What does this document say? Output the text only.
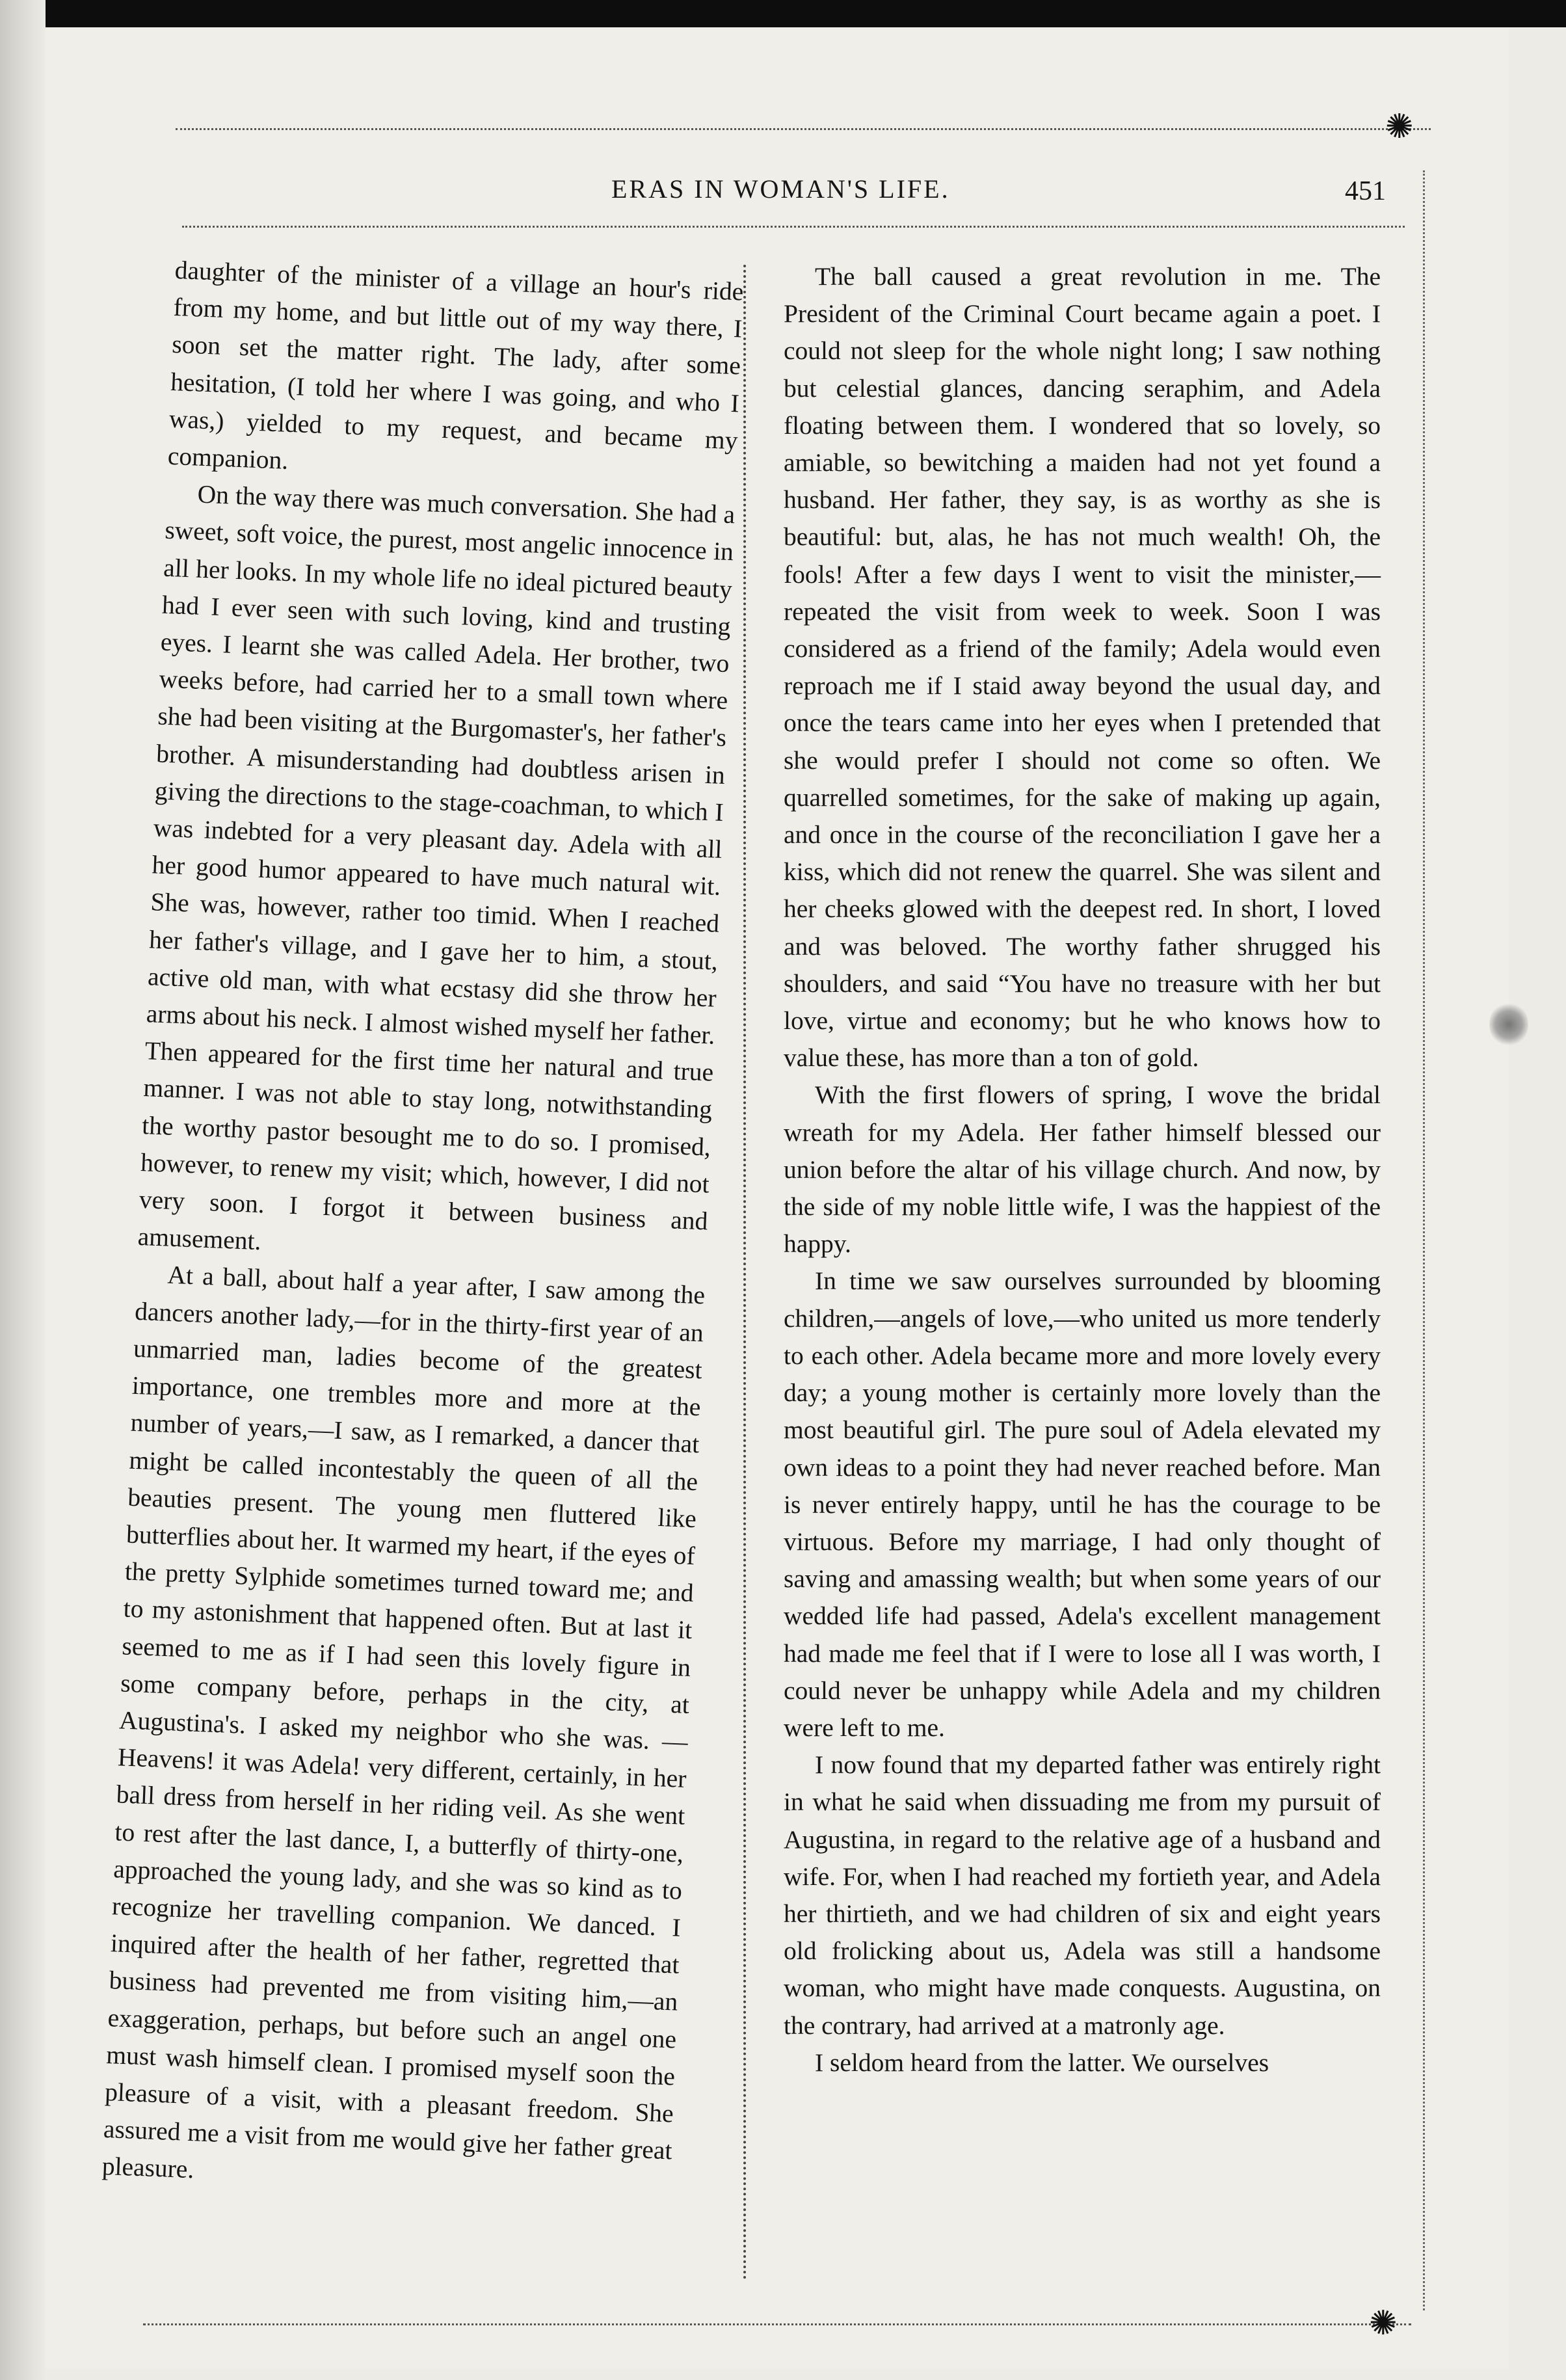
✺
ERAS IN WOMAN'S LIFE.	451

daughter of the minister of a village an hour's ride from my home, and but little out of my way there, I soon set the matter right. The lady, after some hesitation, (I told her where I was going, and who I was,) yielded to my request, and became my companion.

On the way there was much conversation. She had a sweet, soft voice, the purest, most angelic innocence in all her looks. In my whole life no ideal pictured beauty had I ever seen with such loving, kind and trusting eyes. I learnt she was called Adela. Her brother, two weeks before, had carried her to a small town where she had been visiting at the Burgomaster's, her father's brother. A misunderstanding had doubtless arisen in giving the directions to the stage-coachman, to which I was indebted for a very pleasant day. Adela with all her good humor appeared to have much natural wit. She was, however, rather too timid. When I reached her father's village, and I gave her to him, a stout, active old man, with what ecstasy did she throw her arms about his neck. I almost wished myself her father. Then appeared for the first time her natural and true manner. I was not able to stay long, notwithstanding the worthy pastor besought me to do so. I promised, however, to renew my visit; which, however, I did not very soon. I forgot it between business and amusement.

At a ball, about half a year after, I saw among the dancers another lady,—for in the thirty-first year of an unmarried man, ladies become of the greatest importance, one trembles more and more at the number of years,—I saw, as I remarked, a dancer that might be called incontestably the queen of all the beauties present. The young men fluttered like butterflies about her. It warmed my heart, if the eyes of the pretty Sylphide sometimes turned toward me; and to my astonishment that happened often. But at last it seemed to me as if I had seen this lovely figure in some company before, perhaps in the city, at Augustina's. I asked my neighbor who she was. —Heavens! it was Adela! very different, certainly, in her ball dress from herself in her riding veil. As she went to rest after the last dance, I, a butterfly of thirty-one, approached the young lady, and she was so kind as to recognize her travelling companion. We danced. I inquired after the health of her father, regretted that business had prevented me from visiting him,—an exaggeration, perhaps, but before such an angel one must wash himself clean. I promised myself soon the pleasure of a visit, with a pleasant freedom. She assured me a visit from me would give her father great pleasure.

The ball caused a great revolution in me. The President of the Criminal Court became again a poet. I could not sleep for the whole night long; I saw nothing but celestial glances, dancing seraphim, and Adela floating between them. I wondered that so lovely, so amiable, so bewitching a maiden had not yet found a husband. Her father, they say, is as worthy as she is beautiful: but, alas, he has not much wealth! Oh, the fools! After a few days I went to visit the minister,—repeated the visit from week to week. Soon I was considered as a friend of the family; Adela would even reproach me if I staid away beyond the usual day, and once the tears came into her eyes when I pretended that she would prefer I should not come so often. We quarrelled sometimes, for the sake of making up again, and once in the course of the reconciliation I gave her a kiss, which did not renew the quarrel. She was silent and her cheeks glowed with the deepest red. In short, I loved and was beloved. The worthy father shrugged his shoulders, and said “You have no treasure with her but love, virtue and economy; but he who knows how to value these, has more than a ton of gold.

With the first flowers of spring, I wove the bridal wreath for my Adela. Her father himself blessed our union before the altar of his village church. And now, by the side of my noble little wife, I was the happiest of the happy.

In time we saw ourselves surrounded by blooming children,—angels of love,—who united us more tenderly to each other. Adela became more and more lovely every day; a young mother is certainly more lovely than the most beautiful girl. The pure soul of Adela elevated my own ideas to a point they had never reached before. Man is never entirely happy, until he has the courage to be virtuous. Before my marriage, I had only thought of saving and amassing wealth; but when some years of our wedded life had passed, Adela's excellent management had made me feel that if I were to lose all I was worth, I could never be unhappy while Adela and my children were left to me.

I now found that my departed father was entirely right in what he said when dissuading me from my pursuit of Augustina, in regard to the relative age of a husband and wife. For, when I had reached my fortieth year, and Adela her thirtieth, and we had children of six and eight years old frolicking about us, Adela was still a handsome woman, who might have made conquests. Augustina, on the contrary, had arrived at a matronly age.

I seldom heard from the latter. We ourselves

✺
